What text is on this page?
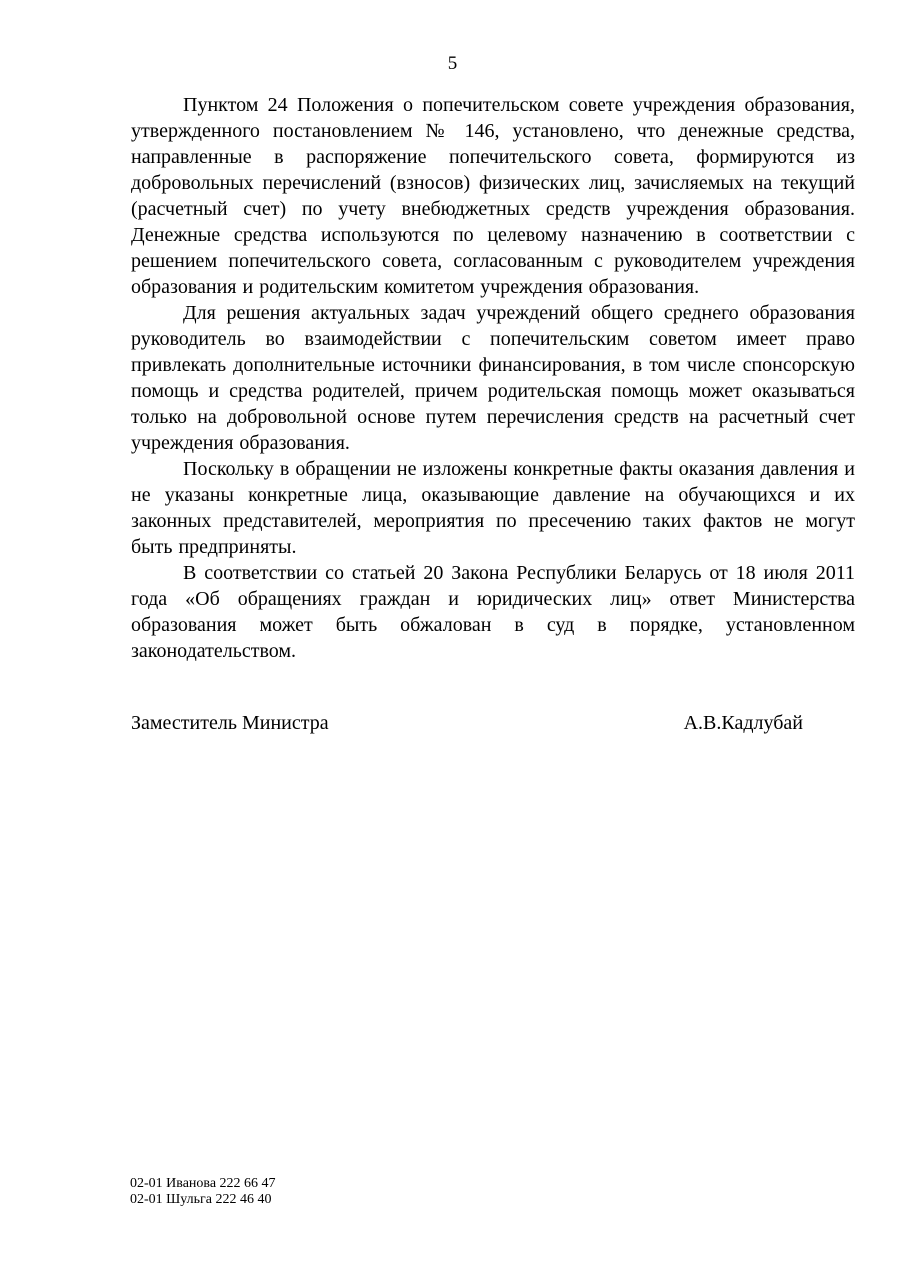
5

Пунктом 24 Положения о попечительском совете учреждения образования, утвержденного постановлением № 146, установлено, что денежные средства, направленные в распоряжение попечительского совета, формируются из добровольных перечислений (взносов) физических лиц, зачисляемых на текущий (расчетный счет) по учету внебюджетных средств учреждения образования. Денежные средства используются по целевому назначению в соответствии с решением попечительского совета, согласованным с руководителем учреждения образования и родительским комитетом учреждения образования.

Для решения актуальных задач учреждений общего среднего образования руководитель во взаимодействии с попечительским советом имеет право привлекать дополнительные источники финансирования, в том числе спонсорскую помощь и средства родителей, причем родительская помощь может оказываться только на добровольной основе путем перечисления средств на расчетный счет учреждения образования.

Поскольку в обращении не изложены конкретные факты оказания давления и не указаны конкретные лица, оказывающие давление на обучающихся и их законных представителей, мероприятия по пресечению таких фактов не могут быть предприняты.

В соответствии со статьей 20 Закона Республики Беларусь от 18 июля 2011 года «Об обращениях граждан и юридических лиц» ответ Министерства образования может быть обжалован в суд в порядке, установленном законодательством.

Заместитель Министра	А.В.Кадлубай
02-01 Иванова 222 66 47
02-01 Шульга 222 46 40
